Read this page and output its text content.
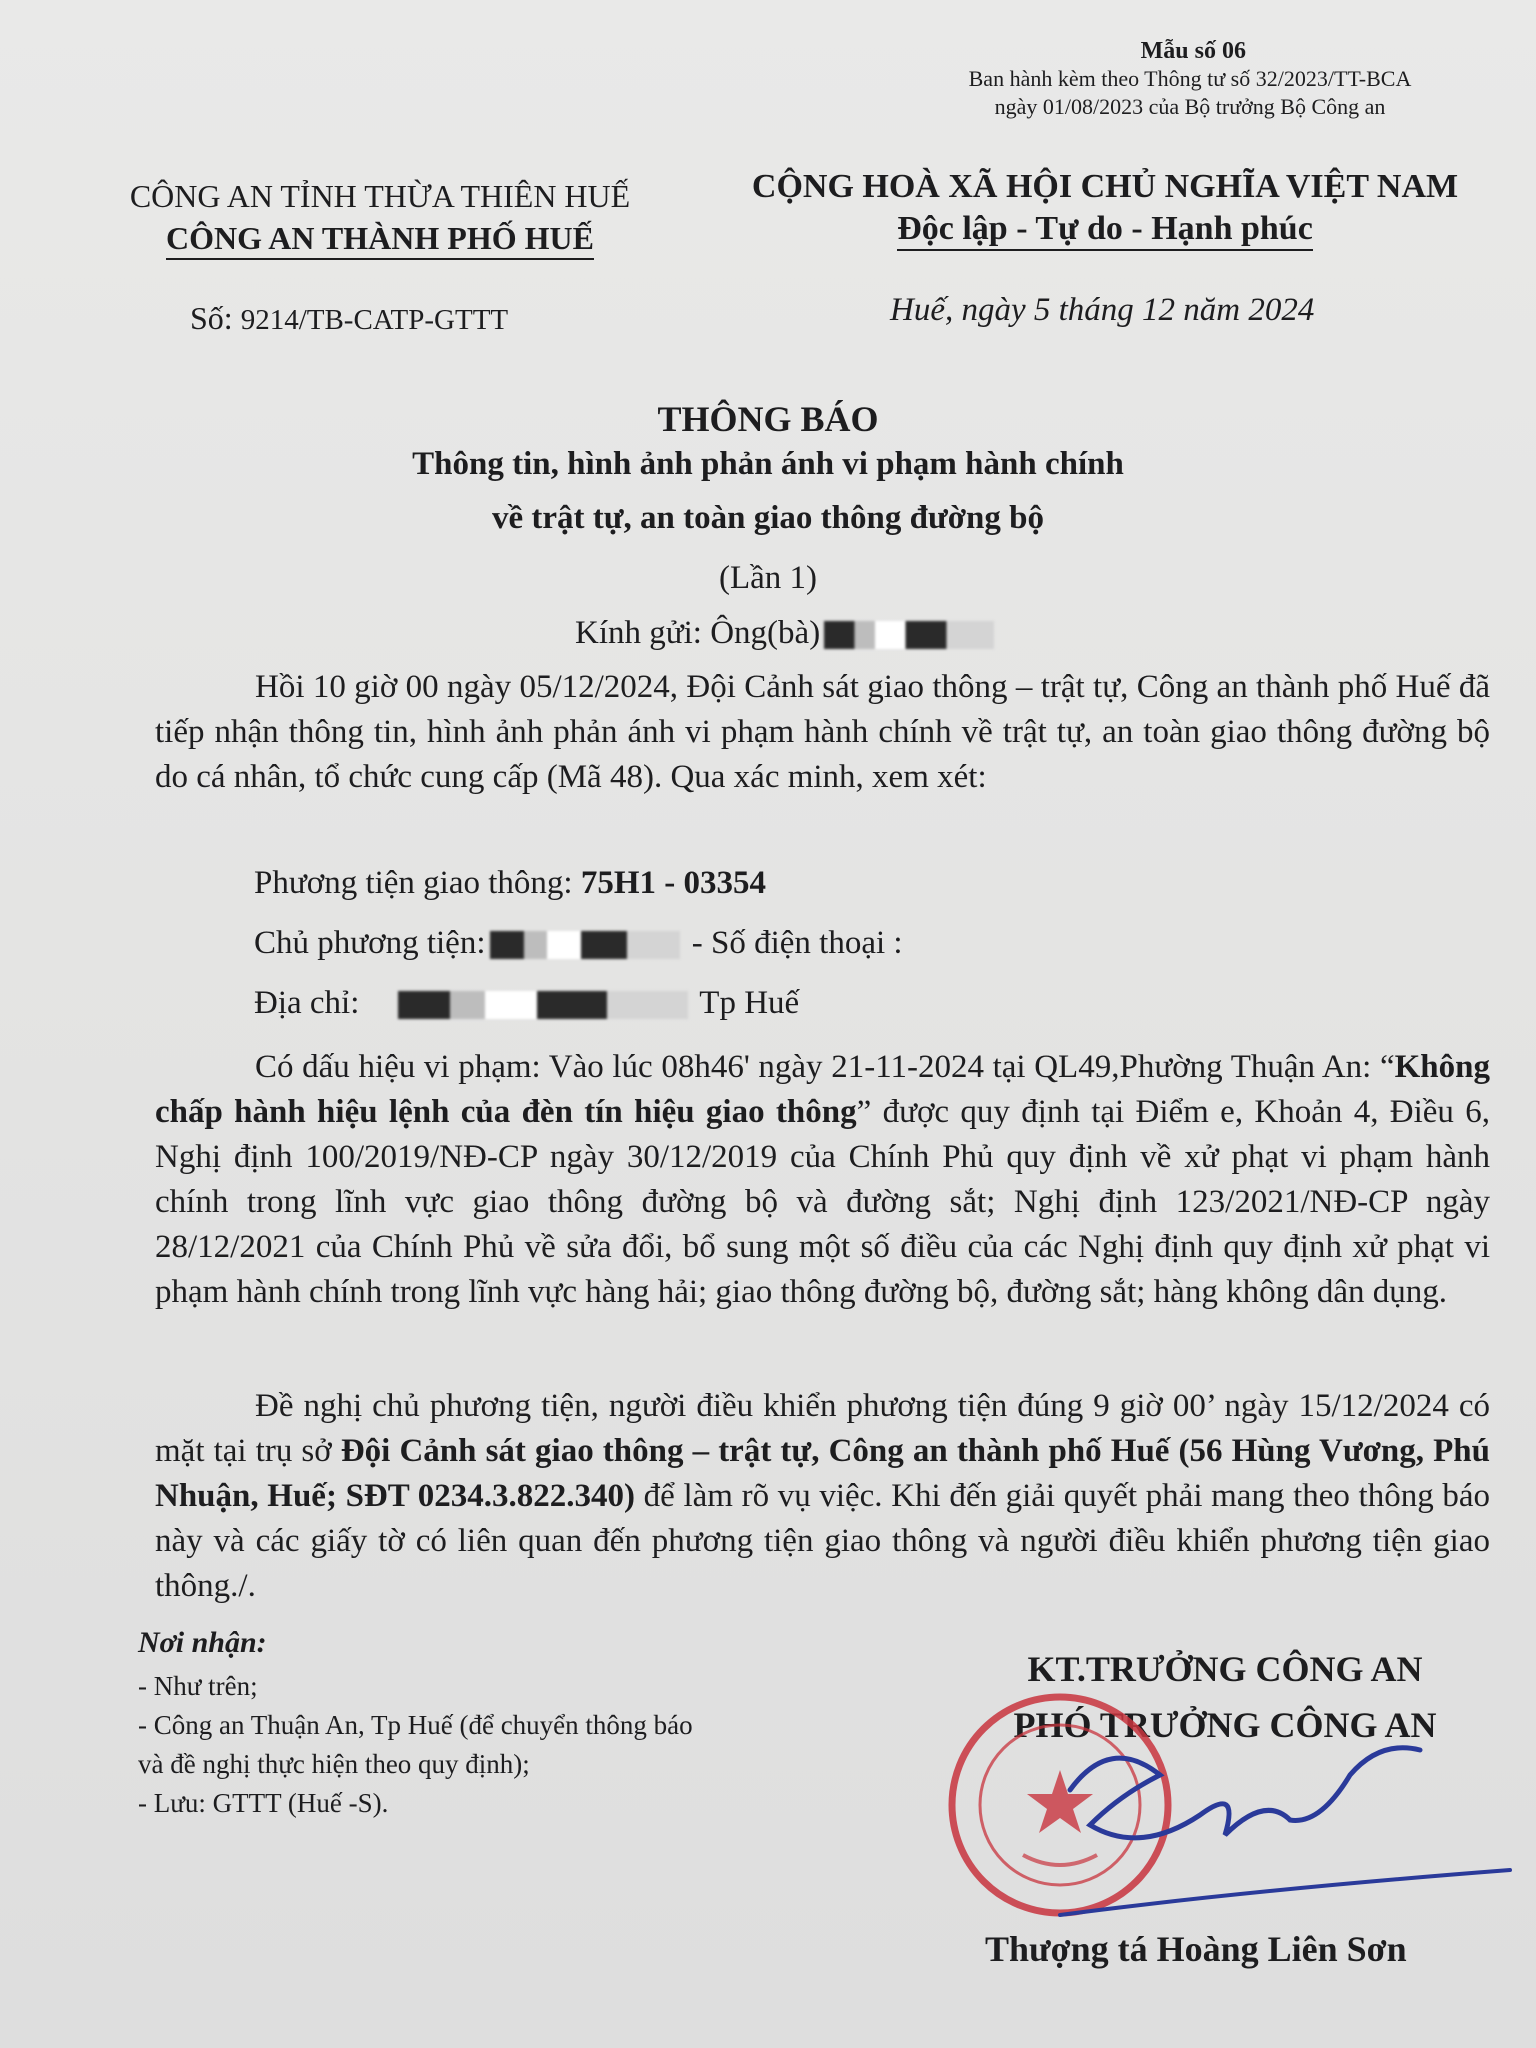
Mẫu số 06
Ban hành kèm theo Thông tư số 32/2023/TT-BCA
ngày 01/08/2023 của Bộ trưởng Bộ Công an
CÔNG AN TỈNH THỪA THIÊN HUẾ
CÔNG AN THÀNH PHỐ HUẾ
Số: 9214/TB-CATP-GTTT
CỘNG HOÀ XÃ HỘI CHỦ NGHĨA VIỆT NAM
Độc lập - Tự do - Hạnh phúc
Huế, ngày 5 tháng 12 năm 2024
THÔNG BÁO
Thông tin, hình ảnh phản ánh vi phạm hành chính
về trật tự, an toàn giao thông đường bộ
(Lần 1)
Kính gửi: Ông(bà)
Hồi 10 giờ 00 ngày 05/12/2024, Đội Cảnh sát giao thông – trật tự, Công an thành phố Huế đã tiếp nhận thông tin, hình ảnh phản ánh vi phạm hành chính về trật tự, an toàn giao thông đường bộ do cá nhân, tổ chức cung cấp (Mã 48). Qua xác minh, xem xét:
Phương tiện giao thông: 75H1 - 03354
Chủ phương tiện:	- Số điện thoại :
Địa chỉ:	Tp Huế
Có dấu hiệu vi phạm: Vào lúc 08h46' ngày 21-11-2024 tại QL49,Phường Thuận An: “Không chấp hành hiệu lệnh của đèn tín hiệu giao thông” được quy định tại Điểm e, Khoản 4, Điều 6, Nghị định 100/2019/NĐ-CP ngày 30/12/2019 của Chính Phủ quy định về xử phạt vi phạm hành chính trong lĩnh vực giao thông đường bộ và đường sắt; Nghị định 123/2021/NĐ-CP ngày 28/12/2021 của Chính Phủ về sửa đổi, bổ sung một số điều của các Nghị định quy định xử phạt vi phạm hành chính trong lĩnh vực hàng hải; giao thông đường bộ, đường sắt; hàng không dân dụng.
Đề nghị chủ phương tiện, người điều khiển phương tiện đúng 9 giờ 00’ ngày 15/12/2024 có mặt tại trụ sở Đội Cảnh sát giao thông – trật tự, Công an thành phố Huế (56 Hùng Vương, Phú Nhuận, Huế; SĐT 0234.3.822.340) để làm rõ vụ việc. Khi đến giải quyết phải mang theo thông báo này và các giấy tờ có liên quan đến phương tiện giao thông và người điều khiển phương tiện giao thông./.
Nơi nhận:
- Như trên;
- Công an Thuận An, Tp Huế (để chuyển thông báo
và đề nghị thực hiện theo quy định);
- Lưu: GTTT (Huế -S).
KT.TRƯỞNG CÔNG AN
PHÓ TRƯỞNG CÔNG AN
Thượng tá Hoàng Liên Sơn
